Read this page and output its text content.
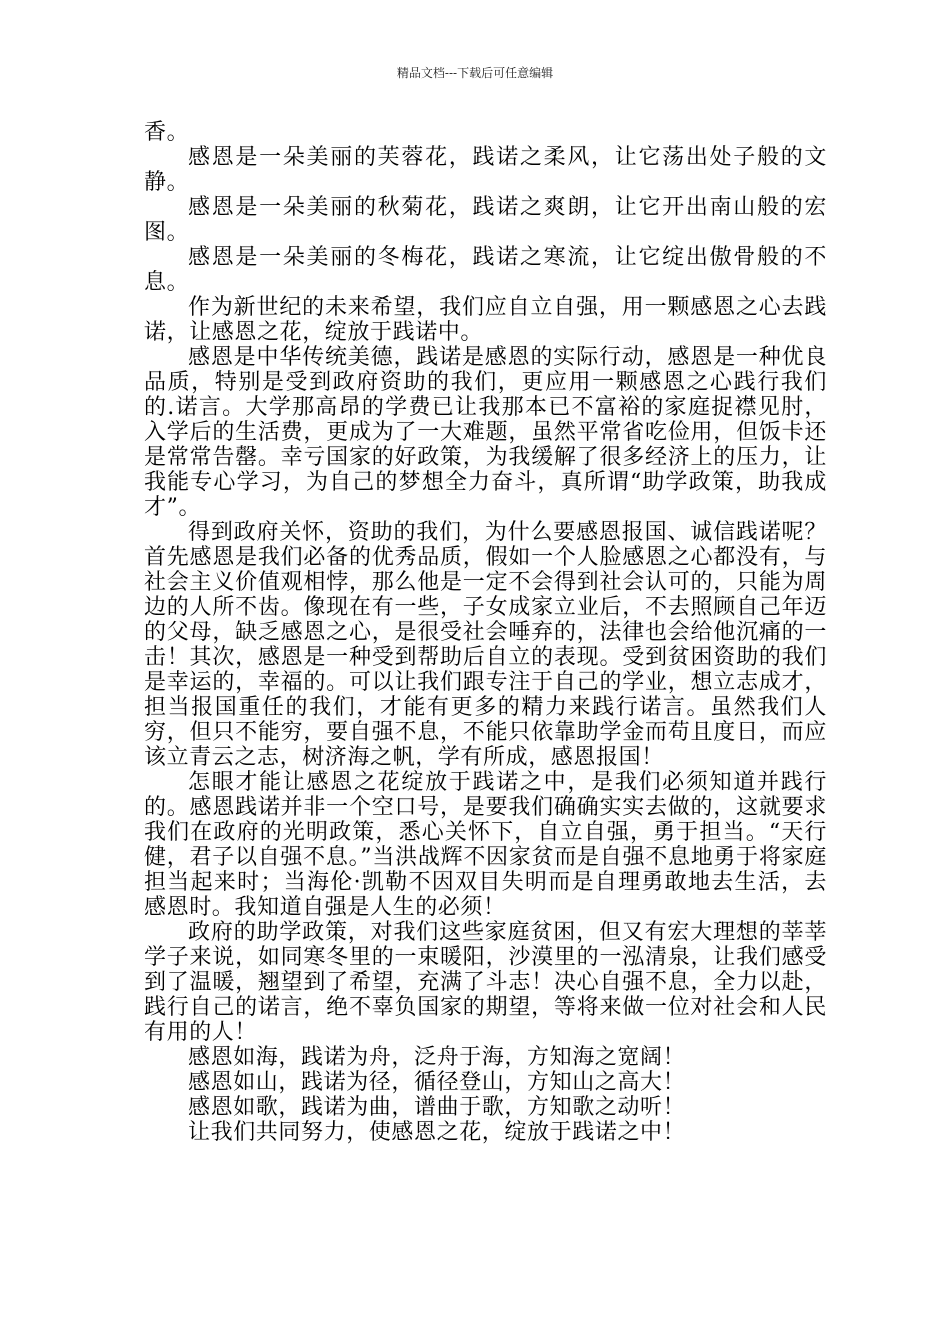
精品文档---下载后可任意编辑

香。

感恩是一朵美丽的芙蓉花，践诺之柔风，让它荡出处子般的文静。

感恩是一朵美丽的秋菊花，践诺之爽朗，让它开出南山般的宏图。

感恩是一朵美丽的冬梅花，践诺之寒流，让它绽出傲骨般的不息。

作为新世纪的未来希望，我们应自立自强，用一颗感恩之心去践诺，让感恩之花，绽放于践诺中。

感恩是中华传统美德，践诺是感恩的实际行动，感恩是一种优良品质，特别是受到政府资助的我们，更应用一颗感恩之心践行我们的.诺言。大学那高昂的学费已让我那本已不富裕的家庭捉襟见肘，入学后的生活费，更成为了一大难题，虽然平常省吃俭用，但饭卡还是常常告罄。幸亏国家的好政策，为我缓解了很多经济上的压力，让我能专心学习，为自己的梦想全力奋斗，真所谓“助学政策，助我成才”。

得到政府关怀，资助的我们，为什么要感恩报国、诚信践诺呢？首先感恩是我们必备的优秀品质，假如一个人脸感恩之心都没有，与社会主义价值观相悖，那么他是一定不会得到社会认可的，只能为周边的人所不齿。像现在有一些，子女成家立业后，不去照顾自己年迈的父母，缺乏感恩之心，是很受社会唾弃的，法律也会给他沉痛的一击！其次，感恩是一种受到帮助后自立的表现。受到贫困资助的我们是幸运的，幸福的。可以让我们跟专注于自己的学业，想立志成才，担当报国重任的我们，才能有更多的精力来践行诺言。虽然我们人穷，但只不能穷，要自强不息，不能只依靠助学金而苟且度日，而应该立青云之志，树济海之帆，学有所成，感恩报国！

怎眼才能让感恩之花绽放于践诺之中，是我们必须知道并践行的。感恩践诺并非一个空口号，是要我们确确实实去做的，这就要求我们在政府的光明政策，悉心关怀下，自立自强，勇于担当。“天行健，君子以自强不息。”当洪战辉不因家贫而是自强不息地勇于将家庭担当起来时；当海伦·凯勒不因双目失明而是自理勇敢地去生活，去感恩时。我知道自强是人生的必须！

政府的助学政策，对我们这些家庭贫困，但又有宏大理想的莘莘学子来说，如同寒冬里的一束暖阳，沙漠里的一泓清泉，让我们感受到了温暖，翘望到了希望，充满了斗志！决心自强不息，全力以赴，践行自己的诺言，绝不辜负国家的期望，等将来做一位对社会和人民有用的人！

感恩如海，践诺为舟，泛舟于海，方知海之宽阔！

感恩如山，践诺为径，循径登山，方知山之高大！

感恩如歌，践诺为曲，谱曲于歌，方知歌之动听！

让我们共同努力，使感恩之花，绽放于践诺之中！
